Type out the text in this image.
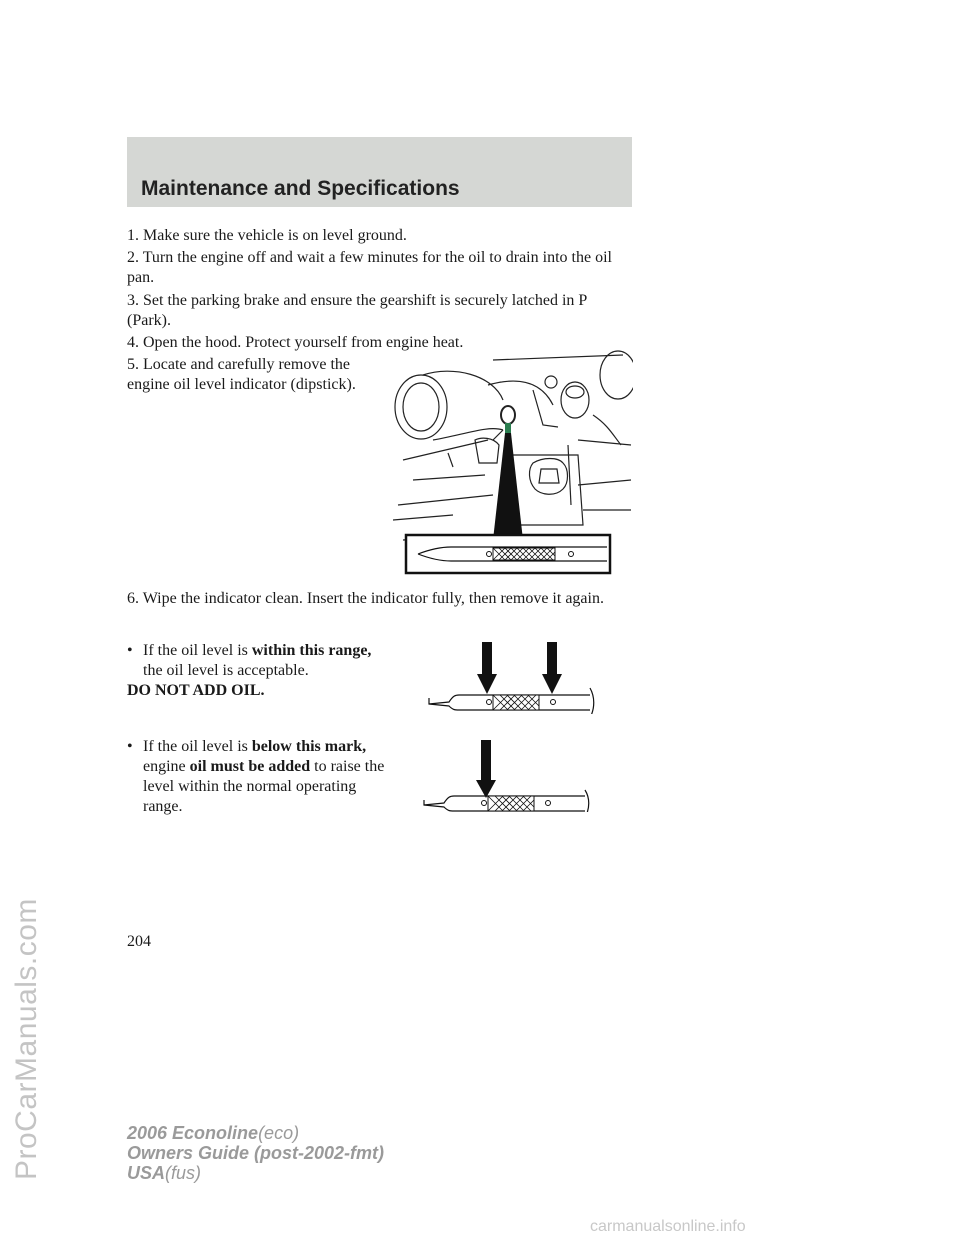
ProCarManuals.com
Maintenance and Specifications

1. Make sure the vehicle is on level ground.

2. Turn the engine off and wait a few minutes for the oil to drain into the oil pan.

3. Set the parking brake and ensure the gearshift is securely latched in P (Park).

4. Open the hood. Protect yourself from engine heat.

5. Locate and carefully remove the engine oil level indicator (dipstick).

6. Wipe the indicator clean. Insert the indicator fully, then remove it again.

• If the oil level is within this range, the oil level is acceptable.
DO NOT ADD OIL.
• If the oil level is below this mark, engine oil must be added to raise the level within the normal operating range.
204
2006 Econoline(eco)
Owners Guide (post-2002-fmt)
USA(fus)
carmanualsonline.info
